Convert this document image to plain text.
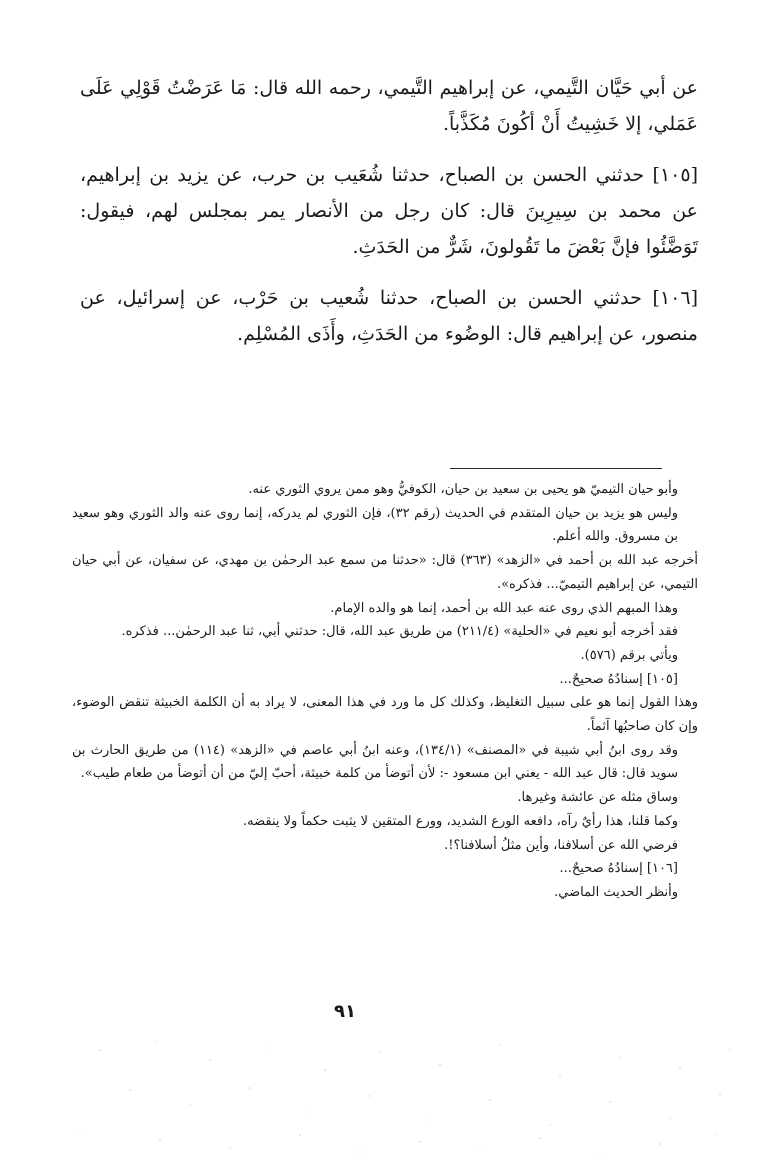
عن أبي حَيَّان التَّيمي، عن إبراهيم التَّيمي، رحمه الله قال: مَا عَرَضْتُ قَوْلِي عَلَى عَمَلي، إلا خَشِيتُ أَنْ أكُونَ مُكَذَّباً.

[١٠٥] حدثني الحسن بن الصباح، حدثنا شُعَيب بن حرب، عن يزيد بن إبراهيم، عن محمد بن سِيرِينَ قال: كان رجل من الأنصار يمر بمجلس لهم، فيقول: تَوَضَّئُوا فإنَّ بَعْضَ ما تَقُولونَ، شَرٌّ من الحَدَثِ.

[١٠٦] حدثني الحسن بن الصباح، حدثنا شُعيب بن حَرْب، عن إسرائيل، عن منصور، عن إبراهيم قال: الوضُوء من الحَدَثِ، وأَذَى المُسْلِم.

وأبو حيان التيميّ هو يحيى بن سعيد بن حيان، الكوفيُّ وهو ممن يروي الثوري عنه.

وليس هو يزيد بن حيان المتقدم في الحديث (رقم ٣٢)، فإن الثوري لم يدركه، إنما روى عنه والد الثوري وهو سعيد بن مسروق. والله أعلم.

أخرجه عبد الله بن أحمد في «الزهد» (٣٦٣) قال: «حدثنا من سمع عبد الرحمٰن بن مهدي، عن سفيان، عن أبي حيان التيمي، عن إبراهيم التيميّ... فذكره».

وهذا المبهم الذي روى عنه عبد الله بن أحمد، إنما هو والده الإمام.

فقد أخرجه أبو نعيم في «الحلية» (٢١١/٤) من طريق عبد الله، قال: حدثني أبي، ثنا عبد الرحمٰن... فذكره.

ويأتي برقم (٥٧٦).

[١٠٥] إسنادُهُ صحيحٌ...

وهذا القول إنما هو على سبيل التغليظ، وكذلك كل ما ورد في هذا المعنى، لا يراد به أن الكلمة الخبيثة تنقض الوضوء، وإن كان صاحبُها آثماً.

وقد روى ابنُ أبي شيبة في «المصنف» (١٣٤/١)، وعنه ابنُ أبي عاصم في «الزهد» (١١٤) من طريق الحارث بن سويد قال: قال عبد الله - يعني ابن مسعود -: لأن أتوضأ من كلمة خبيثة، أحبّ إليّ من أن أتوضأ من طعام طيب».

وساق مثله عن عائشة وغيرها.

وكما قلنا، هذا رأيٌ رآه، دافعه الورع الشديد، وورع المتقين لا يثبت حكماً ولا ينقضه.

فرضي الله عن أسلافنا، وأين مثلُ أسلافنا؟!.

[١٠٦] إسنادُهُ صحيحٌ...

وأنظر الحديث الماضي.

٩١
